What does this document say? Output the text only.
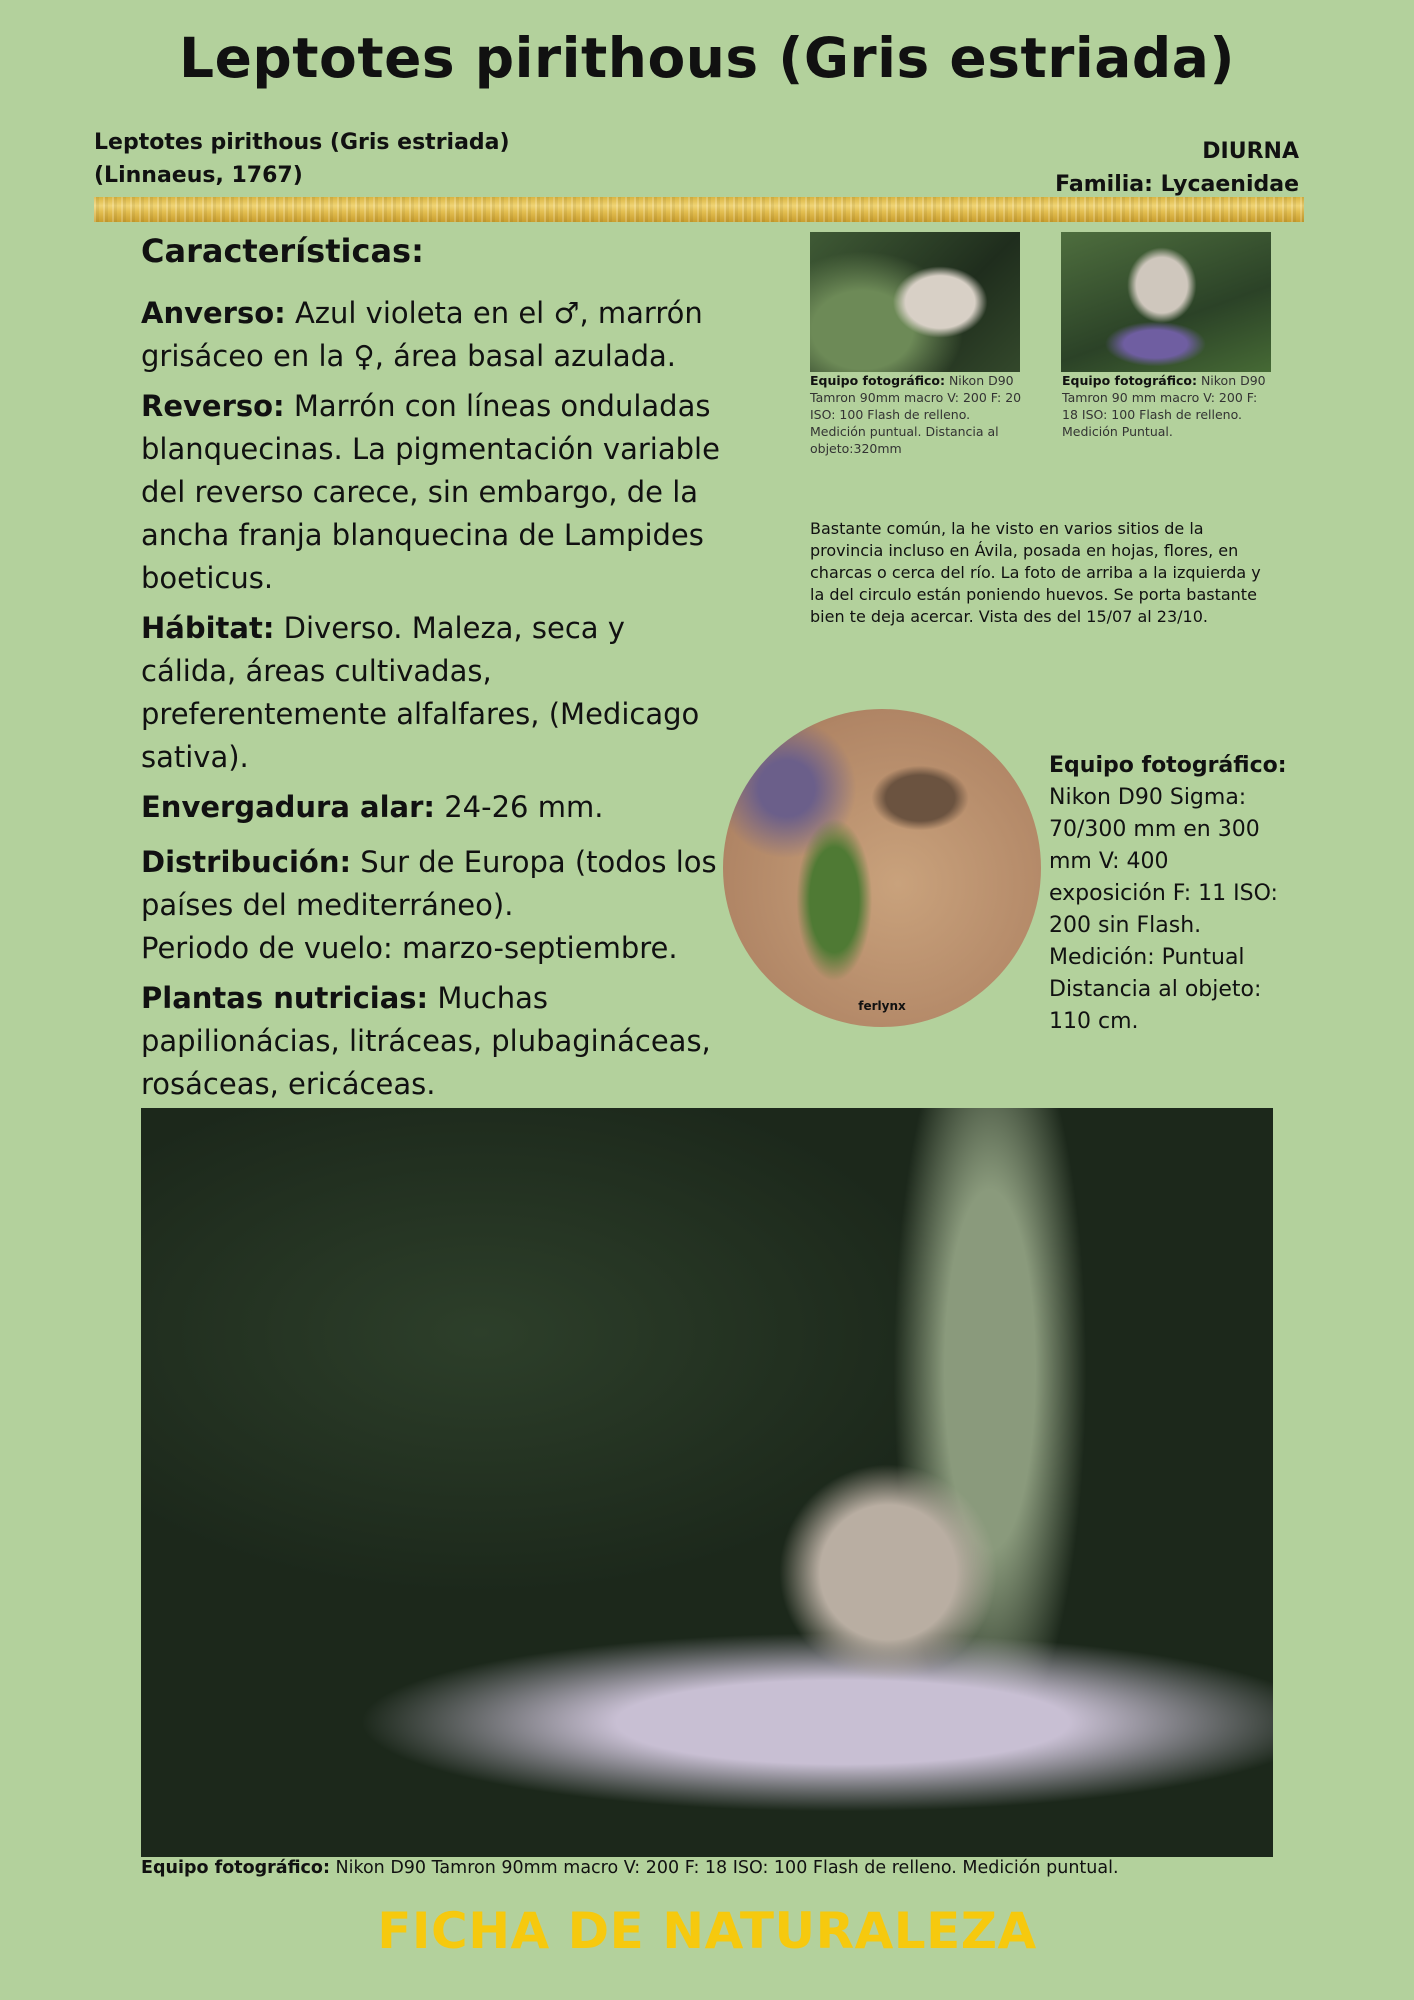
Leptotes pirithous (Gris estriada)
Leptotes pirithous (Gris estriada)
(Linnaeus, 1767)
DIURNA
Familia: Lycaenidae
Características:

Anverso: Azul violeta en el ♂, marrón grisáceo en la ♀, área basal azulada.

Reverso: Marrón con líneas onduladas blanquecinas. La pigmentación variable del reverso carece, sin embargo, de la ancha franja blanquecina de Lampides boeticus.

Hábitat: Diverso. Maleza, seca y cálida, áreas cultivadas, preferentemente alfalfares, (Medicago sativa).

Envergadura alar: 24-26 mm.

Distribución: Sur de Europa (todos los países del mediterráneo).

Periodo de vuelo: marzo-septiembre.

Plantas nutricias: Muchas papilionácias, litráceas, plubagináceas, rosáceas, ericáceas.

Equipo fotográfico: Nikon D90 Tamron 90mm macro V: 200 F: 20 ISO: 100 Flash de relleno. Medición puntual. Distancia al objeto:320mm
Equipo fotográfico: Nikon D90 Tamron 90 mm macro V: 200 F: 18 ISO: 100 Flash de relleno. Medición Puntual.
Bastante común, la he visto en varios sitios de la provincia incluso en Ávila, posada en hojas, flores, en charcas o cerca del río. La foto de arriba a la izquierda y la del circulo están poniendo huevos. Se porta bastante bien te deja acercar. Vista des del 15/07 al 23/10.
ferlynx
Equipo fotográfico:
Nikon D90 Sigma: 70/300 mm en 300 mm V: 400 exposición F: 11 ISO: 200 sin Flash. Medición: Puntual Distancia al objeto: 110 cm.
Equipo fotográfico: Nikon D90 Tamron 90mm macro V: 200 F: 18 ISO: 100 Flash de relleno. Medición puntual.
FICHA DE NATURALEZA
